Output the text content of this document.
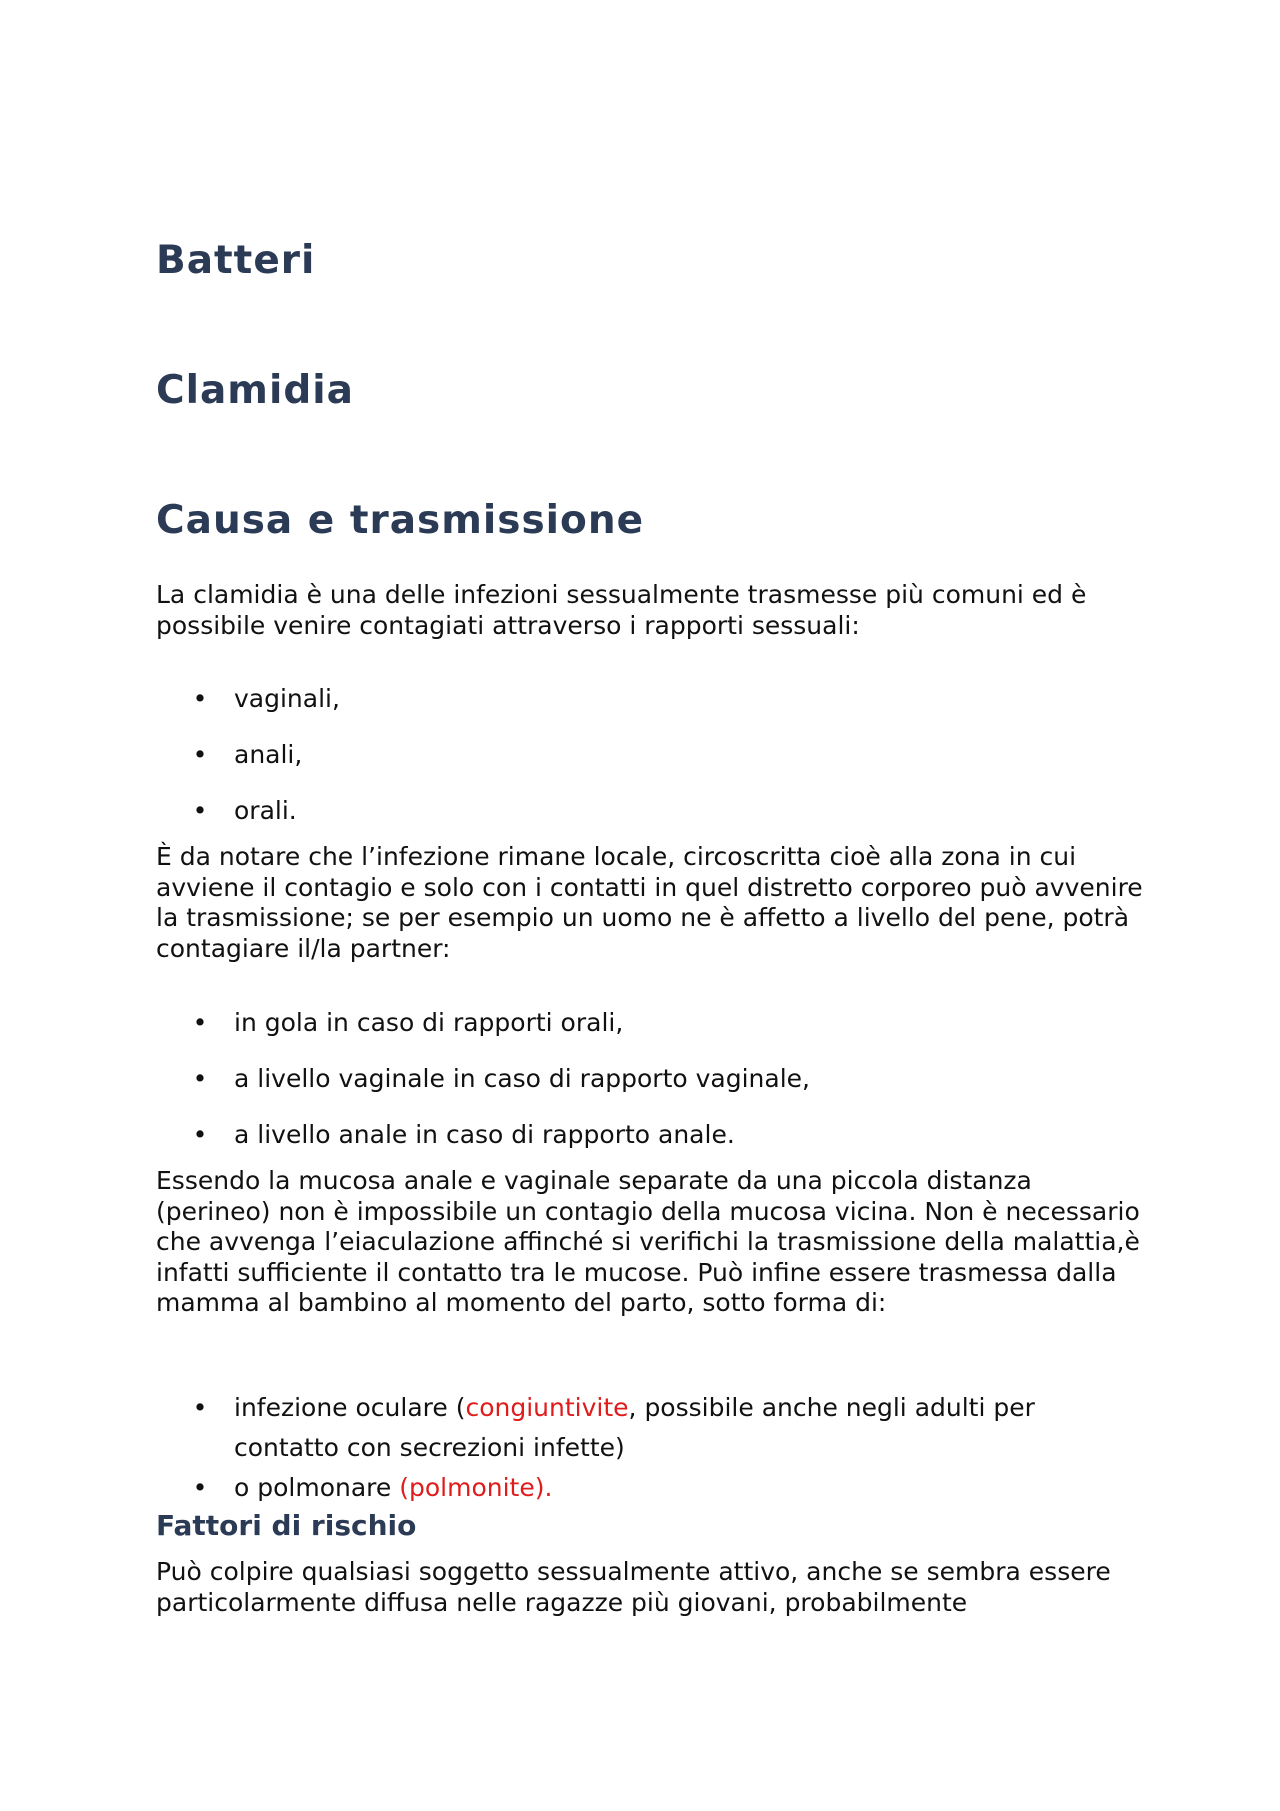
Batteri
Clamidia
Causa e trasmissione

La clamidia è una delle infezioni sessualmente trasmesse più comuni ed è possibile venire contagiati attraverso i rapporti sessuali:

•	vaginali,
•	anali,
•	orali.

È da notare che l’infezione rimane locale, circoscritta cioè alla zona in cui avviene il contagio e solo con i contatti in quel distretto corporeo può avvenire la trasmissione; se per esempio un uomo ne è affetto a livello del pene, potrà contagiare il/la partner:

•	in gola in caso di rapporti orali,
•	a livello vaginale in caso di rapporto vaginale,
•	a livello anale in caso di rapporto anale.

Essendo la mucosa anale e vaginale separate da una piccola distanza (perineo) non è impossibile un contagio della mucosa vicina. Non è necessario che avvenga l’eiaculazione affinché si verifichi la trasmissione della malattia,è infatti sufficiente il contatto tra le mucose. Può infine essere trasmessa dalla mamma al bambino al momento del parto, sotto forma di:

•	infezione oculare (congiuntivite, possibile anche negli adulti per contatto con secrezioni infette)
•	o polmonare (polmonite).
Fattori di rischio

Può colpire qualsiasi soggetto sessualmente attivo, anche se sembra essere particolarmente diffusa nelle ragazze più giovani, probabilmente
